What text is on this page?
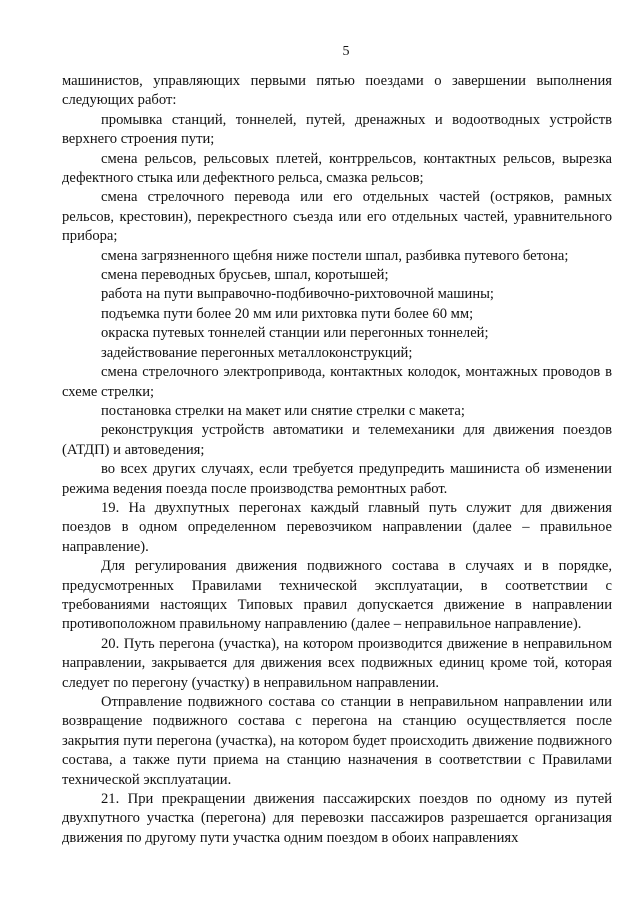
5

машинистов, управляющих первыми пятью поездами о завершении выполнения следующих работ:

промывка станций, тоннелей, путей, дренажных и водоотводных устройств верхнего строения пути;

смена рельсов, рельсовых плетей, контррельсов, контактных рельсов, вырезка дефектного стыка или дефектного рельса, смазка рельсов;

смена стрелочного перевода или его отдельных частей (остряков, рамных рельсов, крестовин), перекрестного съезда или его отдельных частей, уравнительного прибора;

смена загрязненного щебня ниже постели шпал, разбивка путевого бетона;

смена переводных брусьев, шпал, коротышей;

работа на пути выправочно-подбивочно-рихтовочной машины;

подъемка пути более 20 мм или рихтовка пути более 60 мм;

окраска путевых тоннелей станции или перегонных тоннелей;

задействование перегонных металлоконструкций;

смена стрелочного электропривода, контактных колодок, монтажных проводов в схеме стрелки;

постановка стрелки на макет или снятие стрелки с макета;

реконструкция устройств автоматики и телемеханики для движения поездов (АТДП) и автоведения;

во всех других случаях, если требуется предупредить машиниста об изменении режима ведения поезда после производства ремонтных работ.

19. На двухпутных перегонах каждый главный путь служит для движения поездов в одном определенном перевозчиком направлении (далее – правильное направление).

Для регулирования движения подвижного состава в случаях и в порядке, предусмотренных Правилами технической эксплуатации, в соответствии с требованиями настоящих Типовых правил допускается движение в направлении противоположном правильному направлению (далее – неправильное направление).

20. Путь перегона (участка), на котором производится движение в неправильном направлении, закрывается для движения всех подвижных единиц кроме той, которая следует по перегону (участку) в неправильном направлении.

Отправление подвижного состава со станции в неправильном направлении или возвращение подвижного состава с перегона на станцию осуществляется после закрытия пути перегона (участка), на котором будет происходить движение подвижного состава, а также пути приема на станцию назначения в соответствии с Правилами технической эксплуатации.

21. При прекращении движения пассажирских поездов по одному из путей двухпутного участка (перегона) для перевозки пассажиров разрешается организация движения по другому пути участка одним поездом в обоих направлениях
